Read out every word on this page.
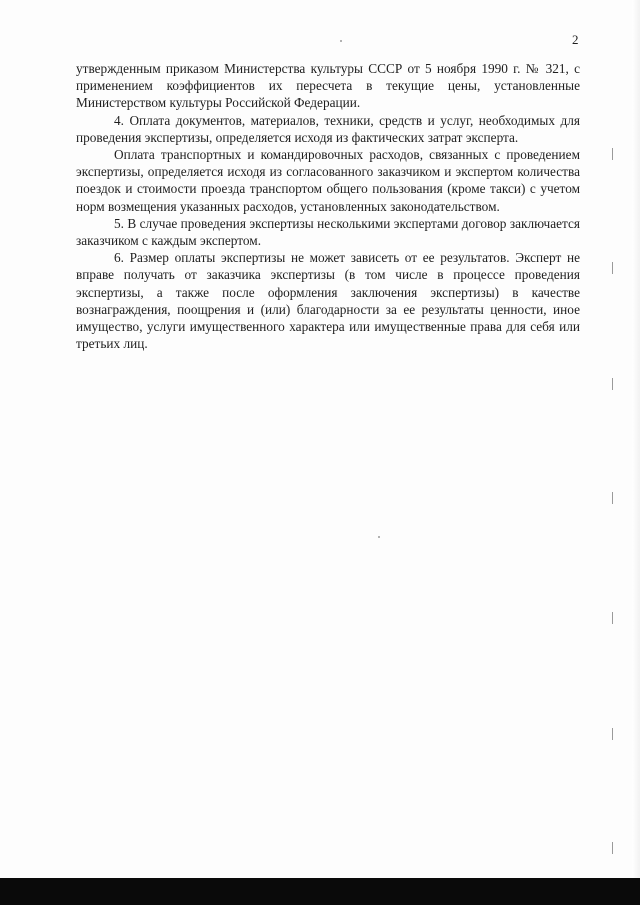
2

утвержденным приказом Министерства культуры СССР от 5 ноября 1990 г. № 321, с применением коэффициентов их пересчета в текущие цены, установленные Министерством культуры Российской Федерации.

4. Оплата документов, материалов, техники, средств и услуг, необходимых для проведения экспертизы, определяется исходя из фактических затрат эксперта.

Оплата транспортных и командировочных расходов, связанных с проведением экспертизы, определяется исходя из согласованного заказчиком и экспертом количества поездок и стоимости проезда транспортом общего пользования (кроме такси) с учетом норм возмещения указанных расходов, установленных законодательством.

5. В случае проведения экспертизы несколькими экспертами договор заключается заказчиком с каждым экспертом.

6. Размер оплаты экспертизы не может зависеть от ее результатов. Эксперт не вправе получать от заказчика экспертизы (в том числе в процессе проведения экспертизы, а также после оформления заключения экспертизы) в качестве вознаграждения, поощрения и (или) благодарности за ее результаты ценности, иное имущество, услуги имущественного характера или имущественные права для себя или третьих лиц.
